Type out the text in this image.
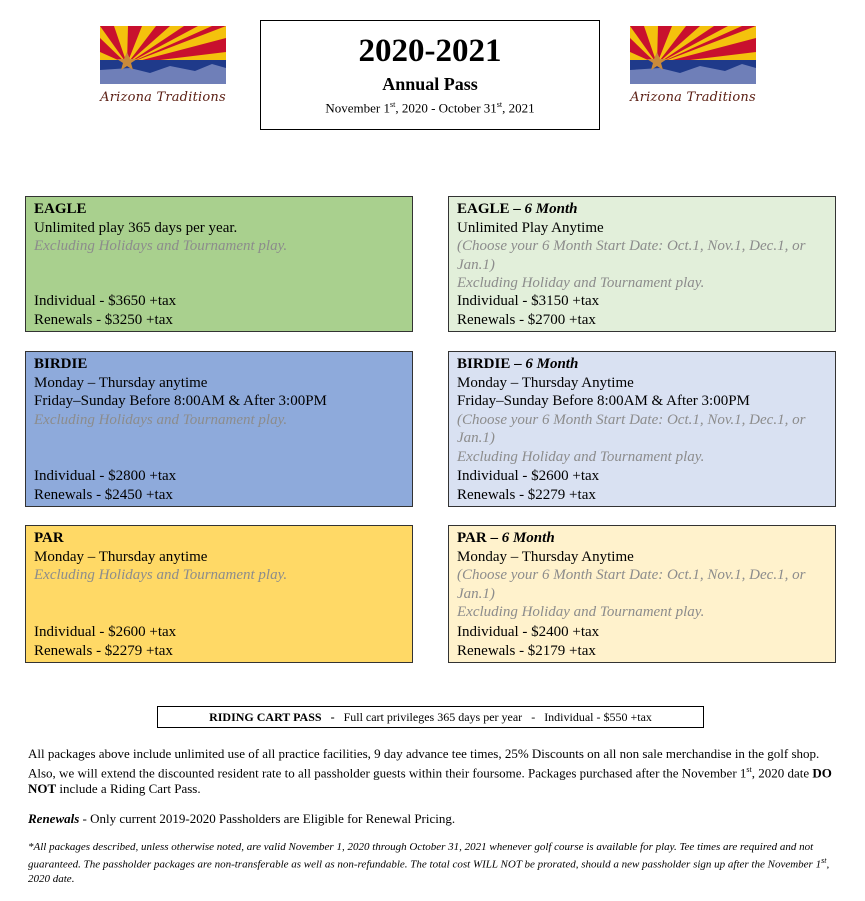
Arizona Traditions	Arizona Traditions
2020-2021
Annual Pass
November 1st, 2020 - October 31st, 2021
EAGLE
Unlimited play 365 days per year.
Excluding Holidays and Tournament play.
Individual - $3650 +tax
Renewals - $3250 +tax
EAGLE – 6 Month
Unlimited Play Anytime
(Choose your 6 Month Start Date: Oct.1, Nov.1, Dec.1, or Jan.1)
Excluding Holiday and Tournament play.
Individual - $3150 +tax
Renewals - $2700 +tax
BIRDIE
Monday – Thursday anytime
Friday–Sunday Before 8:00AM & After 3:00PM
Excluding Holidays and Tournament play.
Individual - $2800 +tax
Renewals - $2450 +tax
BIRDIE – 6 Month
Monday – Thursday Anytime
Friday–Sunday Before 8:00AM & After 3:00PM
(Choose your 6 Month Start Date: Oct.1, Nov.1, Dec.1, or Jan.1)
Excluding Holiday and Tournament play.
Individual - $2600 +tax
Renewals - $2279 +tax
PAR
Monday – Thursday anytime
Excluding Holidays and Tournament play.
Individual - $2600 +tax
Renewals - $2279 +tax
PAR – 6 Month
Monday – Thursday Anytime
(Choose your 6 Month Start Date: Oct.1, Nov.1, Dec.1, or Jan.1)
Excluding Holiday and Tournament play.
Individual - $2400 +tax
Renewals - $2179 +tax
RIDING CART PASS - Full cart privileges 365 days per year - Individual - $550 +tax
All packages above include unlimited use of all practice facilities, 9 day advance tee times, 25% Discounts on all non sale merchandise in the golf shop. Also, we will extend the discounted resident rate to all passholder guests within their foursome. Packages purchased after the November 1st, 2020 date DO NOT include a Riding Cart Pass.
Renewals - Only current 2019-2020 Passholders are Eligible for Renewal Pricing.
*All packages described, unless otherwise noted, are valid November 1, 2020 through October 31, 2021 whenever golf course is available for play. Tee times are required and not guaranteed. The passholder packages are non-transferable as well as non-refundable. The total cost WILL NOT be prorated, should a new passholder sign up after the November 1st, 2020 date.
